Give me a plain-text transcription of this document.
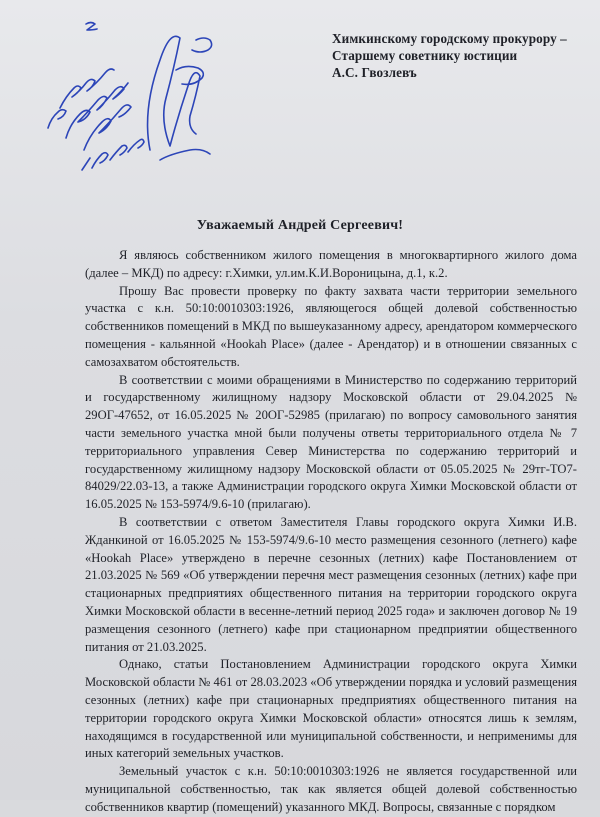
Химкинскому городскому прокурору –
Старшему советнику юстиции
А.С. Гвозлевъ
Уважаемый Андрей Сергеевич!

Я являюсь собственником жилого помещения в многоквартирного жилого дома (далее – МКД) по адресу: г.Химки, ул.им.К.И.Вороницына, д.1, к.2.

Прошу Вас провести проверку по факту захвата части территории земельного участка с к.н. 50:10:0010303:1926, являющегося общей долевой собственностью собственников помещений в МКД по вышеуказанному адресу, арендатором коммерческого помещения - кальянной «Hookah Place» (далее - Арендатор) и в отношении связанных с самозахватом обстоятельств.

В соответствии с моими обращениями в Министерство по содержанию территорий и государственному жилищному надзору Московской области от 29.04.2025 № 29ОГ-47652, от 16.05.2025 № 20ОГ-52985 (прилагаю) по вопросу самовольного занятия части земельного участка мной были получены ответы территориального отдела № 7 территориального управления Север Министерства по содержанию территорий и государственному жилищному надзору Московской области от 05.05.2025 № 29тг-ТО7-84029/22.03-13, а также Администрации городского округа Химки Московской области от 16.05.2025 № 153-5974/9.6-10 (прилагаю).

В соответствии с ответом Заместителя Главы городского округа Химки И.В. Жданкиной от 16.05.2025 № 153-5974/9.6-10 место размещения сезонного (летнего) кафе «Hookah Place» утверждено в перечне сезонных (летних) кафе Постановлением от 21.03.2025 № 569 «Об утверждении перечня мест размещения сезонных (летних) кафе при стационарных предприятиях общественного питания на территории городского округа Химки Московской области в весенне-летний период 2025 года» и заключен договор № 19 размещения сезонного (летнего) кафе при стационарном предприятии общественного питания от 21.03.2025.

Однако, статьи Постановлением Администрации городского округа Химки Московской области № 461 от 28.03.2023 «Об утверждении порядка и условий размещения сезонных (летних) кафе при стационарных предприятиях общественного питания на территории городского округа Химки Московской области» относятся лишь к землям, находящимся в государственной или муниципальной собственности, и неприменимы для иных категорий земельных участков.

Земельный участок с к.н. 50:10:0010303:1926 не является государственной или муниципальной собственностью, так как является общей долевой собственностью собственников квартир (помещений) указанного МКД. Вопросы, связанные с порядком
